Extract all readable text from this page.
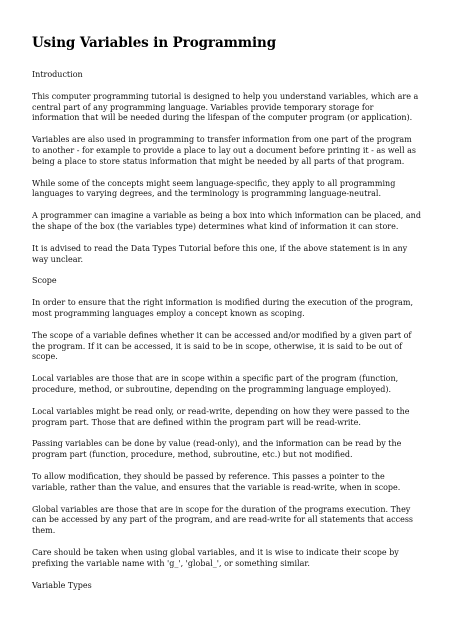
Using Variables in Programming
Introduction

This computer programming tutorial is designed to help you understand variables, which are a central part of any programming language. Variables provide temporary storage for information that will be needed during the lifespan of the computer program (or application).

Variables are also used in programming to transfer information from one part of the program to another - for example to provide a place to lay out a document before printing it - as well as being a place to store status information that might be needed by all parts of that program.

While some of the concepts might seem language-specific, they apply to all programming languages to varying degrees, and the terminology is programming language-neutral.

A programmer can imagine a variable as being a box into which information can be placed, and the shape of the box (the variables type) determines what kind of information it can store.

It is advised to read the Data Types Tutorial before this one, if the above statement is in any way unclear.

Scope

In order to ensure that the right information is modified during the execution of the program, most programming languages employ a concept known as scoping.

The scope of a variable defines whether it can be accessed and/or modified by a given part of the program. If it can be accessed, it is said to be in scope, otherwise, it is said to be out of scope.

Local variables are those that are in scope within a specific part of the program (function, procedure, method, or subroutine, depending on the programming language employed).

Local variables might be read only, or read-write, depending on how they were passed to the program part. Those that are defined within the program part will be read-write.

Passing variables can be done by value (read-only), and the information can be read by the program part (function, procedure, method, subroutine, etc.) but not modified.

To allow modification, they should be passed by reference. This passes a pointer to the variable, rather than the value, and ensures that the variable is read-write, when in scope.

Global variables are those that are in scope for the duration of the programs execution. They can be accessed by any part of the program, and are read-write for all statements that access them.

Care should be taken when using global variables, and it is wise to indicate their scope by prefixing the variable name with 'g_', 'global_', or something similar.

Variable Types
